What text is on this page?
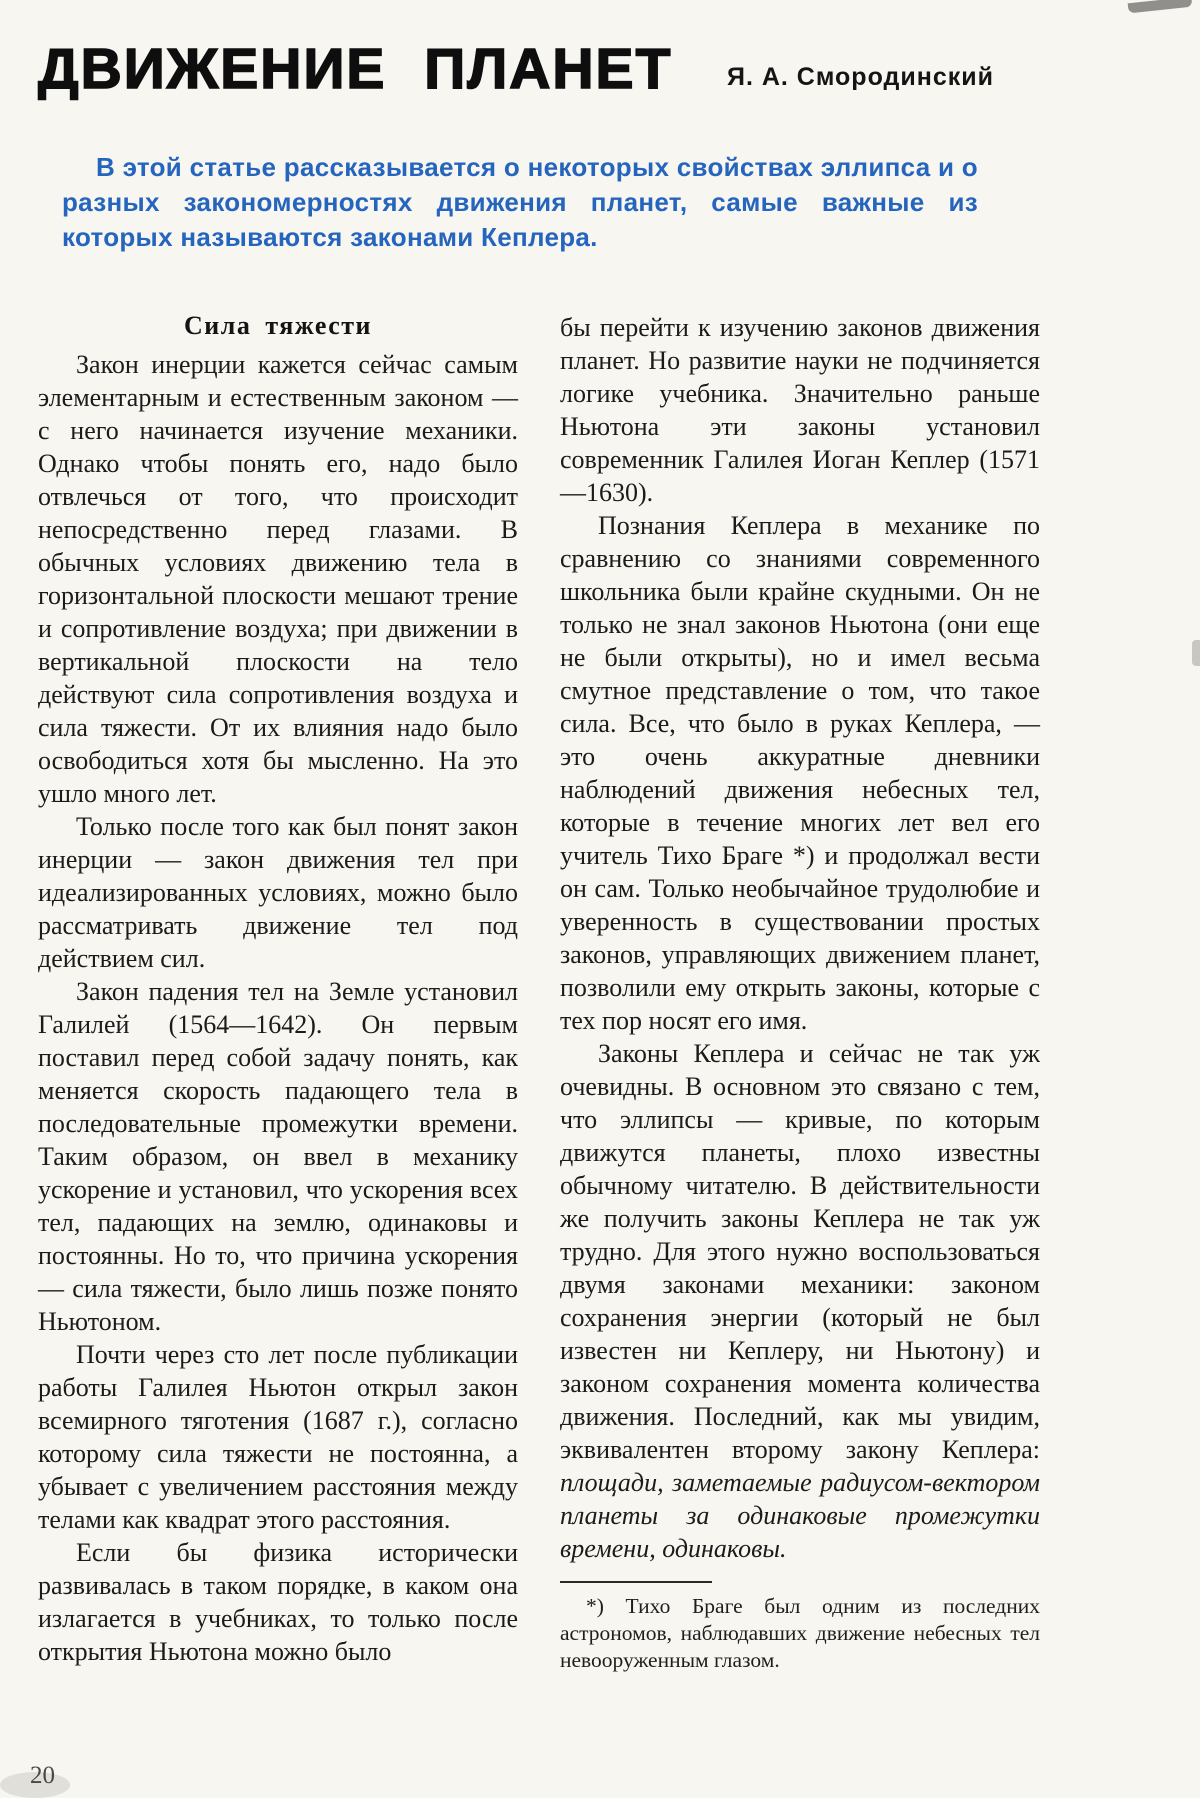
ДВИЖЕНИЕ ПЛАНЕТ Я. А. Смородинский

В этой статье рассказывается о некоторых свойствах эллипса и о разных закономерностях движения планет, самые важные из которых называются законами Кеплера.

Сила тяжести

Закон инерции кажется сейчас самым элементарным и естественным законом — с него начинается изучение механики. Однако чтобы понять его, надо было отвлечься от того, что происходит непосредственно перед глазами. В обычных условиях движению тела в горизонтальной плоскости мешают трение и сопротивление воздуха; при движении в вертикальной плоскости на тело действуют сила сопротивления воздуха и сила тяжести. От их влияния надо было освободиться хотя бы мысленно. На это ушло много лет.

Только после того как был понят закон инерции — закон движения тел при идеализированных условиях, можно было рассматривать движение тел под действием сил.

Закон падения тел на Земле установил Галилей (1564—1642). Он первым поставил перед собой задачу понять, как меняется скорость падающего тела в последовательные промежутки времени. Таким образом, он ввел в механику ускорение и установил, что ускорения всех тел, падающих на землю, одинаковы и постоянны. Но то, что причина ускорения — сила тяжести, было лишь позже понято Ньютоном.

Почти через сто лет после публикации работы Галилея Ньютон открыл закон всемирного тяготения (1687 г.), согласно которому сила тяжести не постоянна, а убывает с увеличением расстояния между телами как квадрат этого расстояния.

Если бы физика исторически развивалась в таком порядке, в каком она излагается в учебниках, то только после открытия Ньютона можно было

бы перейти к изучению законов движения планет. Но развитие науки не подчиняется логике учебника. Значительно раньше Ньютона эти законы установил современник Галилея Иоган Кеплер (1571—1630).

Познания Кеплера в механике по сравнению со знаниями современного школьника были крайне скудными. Он не только не знал законов Ньютона (они еще не были открыты), но и имел весьма смутное представление о том, что такое сила. Все, что было в руках Кеплера, — это очень аккуратные дневники наблюдений движения небесных тел, которые в течение многих лет вел его учитель Тихо Браге *) и продолжал вести он сам. Только необычайное трудолюбие и уверенность в существовании простых законов, управляющих движением планет, позволили ему открыть законы, которые с тех пор носят его имя.

Законы Кеплера и сейчас не так уж очевидны. В основном это связано с тем, что эллипсы — кривые, по которым движутся планеты, плохо известны обычному читателю. В действительности же получить законы Кеплера не так уж трудно. Для этого нужно воспользоваться двумя законами механики: законом сохранения энергии (который не был известен ни Кеплеру, ни Ньютону) и законом сохранения момента количества движения. Последний, как мы увидим, эквивалентен второму закону Кеплера: площади, заметаемые радиусом-вектором планеты за одинаковые промежутки времени, одинаковы.

*) Тихо Браге был одним из последних астрономов, наблюдавших движение небесных тел невооруженным глазом.

20
